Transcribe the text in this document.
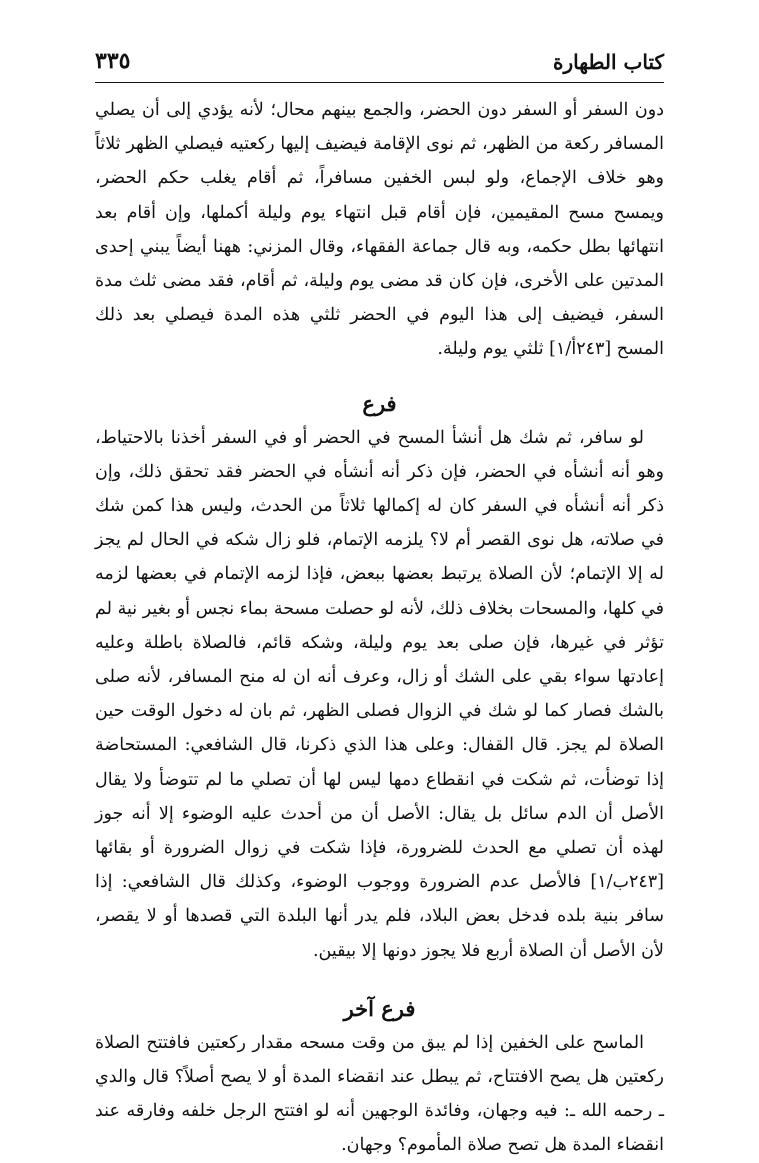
كتاب الطهارة
٣٣٥

دون السفر أو السفر دون الحضر، والجمع بينهم محال؛ لأنه يؤدي إلى أن يصلي المسافر ركعة من الظهر، ثم نوى الإقامة فيضيف إليها ركعتيه فيصلي الظهر ثلاثاً وهو خلاف الإجماع، ولو لبس الخفين مسافراً، ثم أقام يغلب حكم الحضر، ويمسح مسح المقيمين، فإن أقام قبل انتهاء يوم وليلة أكملها، وإن أقام بعد انتهائها بطل حكمه، وبه قال جماعة الفقهاء، وقال المزني: ههنا أيضاً يبني إحدى المدتين على الأخرى، فإن كان قد مضى يوم وليلة، ثم أقام، فقد مضى ثلث مدة السفر، فيضيف إلى هذا اليوم في الحضر ثلثي هذه المدة فيصلي بعد ذلك المسح [٢٤٣أ/١] ثلثي يوم وليلة.

فرع

لو سافر، ثم شك هل أنشأ المسح في الحضر أو في السفر أخذنا بالاحتياط، وهو أنه أنشأه في الحضر، فإن ذكر أنه أنشأه في الحضر فقد تحقق ذلك، وإن ذكر أنه أنشأه في السفر كان له إكمالها ثلاثاً من الحدث، وليس هذا كمن شك في صلاته، هل نوى القصر أم لا؟ يلزمه الإتمام، فلو زال شكه في الحال لم يجز له إلا الإتمام؛ لأن الصلاة يرتبط بعضها ببعض، فإذا لزمه الإتمام في بعضها لزمه في كلها، والمسحات بخلاف ذلك، لأنه لو حصلت مسحة بماء نجس أو بغير نية لم تؤثر في غيرها، فإن صلى بعد يوم وليلة، وشكه قائم، فالصلاة باطلة وعليه إعادتها سواء بقي على الشك أو زال، وعرف أنه ان له منح المسافر، لأنه صلى بالشك فصار كما لو شك في الزوال فصلى الظهر، ثم بان له دخول الوقت حين الصلاة لم يجز. قال القفال: وعلى هذا الذي ذكرنا، قال الشافعي: المستحاضة إذا توضأت، ثم شكت في انقطاع دمها ليس لها أن تصلي ما لم تتوضأ ولا يقال الأصل أن الدم سائل بل يقال: الأصل أن من أحدث عليه الوضوء إلا أنه جوز لهذه أن تصلي مع الحدث للضرورة، فإذا شكت في زوال الضرورة أو بقائها [٢٤٣ب/١] فالأصل عدم الضرورة ووجوب الوضوء، وكذلك قال الشافعي: إذا سافر بنية بلده فدخل بعض البلاد، فلم يدر أنها البلدة التي قصدها أو لا يقصر، لأن الأصل أن الصلاة أربع فلا يجوز دونها إلا بيقين.

فرع آخر

الماسح على الخفين إذا لم يبق من وقت مسحه مقدار ركعتين فافتتح الصلاة ركعتين هل يصح الافتتاح، ثم يبطل عند انقضاء المدة أو لا يصح أصلاً؟ قال والدي ـ رحمه الله ـ: فيه وجهان، وفائدة الوجهين أنه لو افتتح الرجل خلفه وفارقه عند انقضاء المدة هل تصح صلاة المأموم؟ وجهان.
